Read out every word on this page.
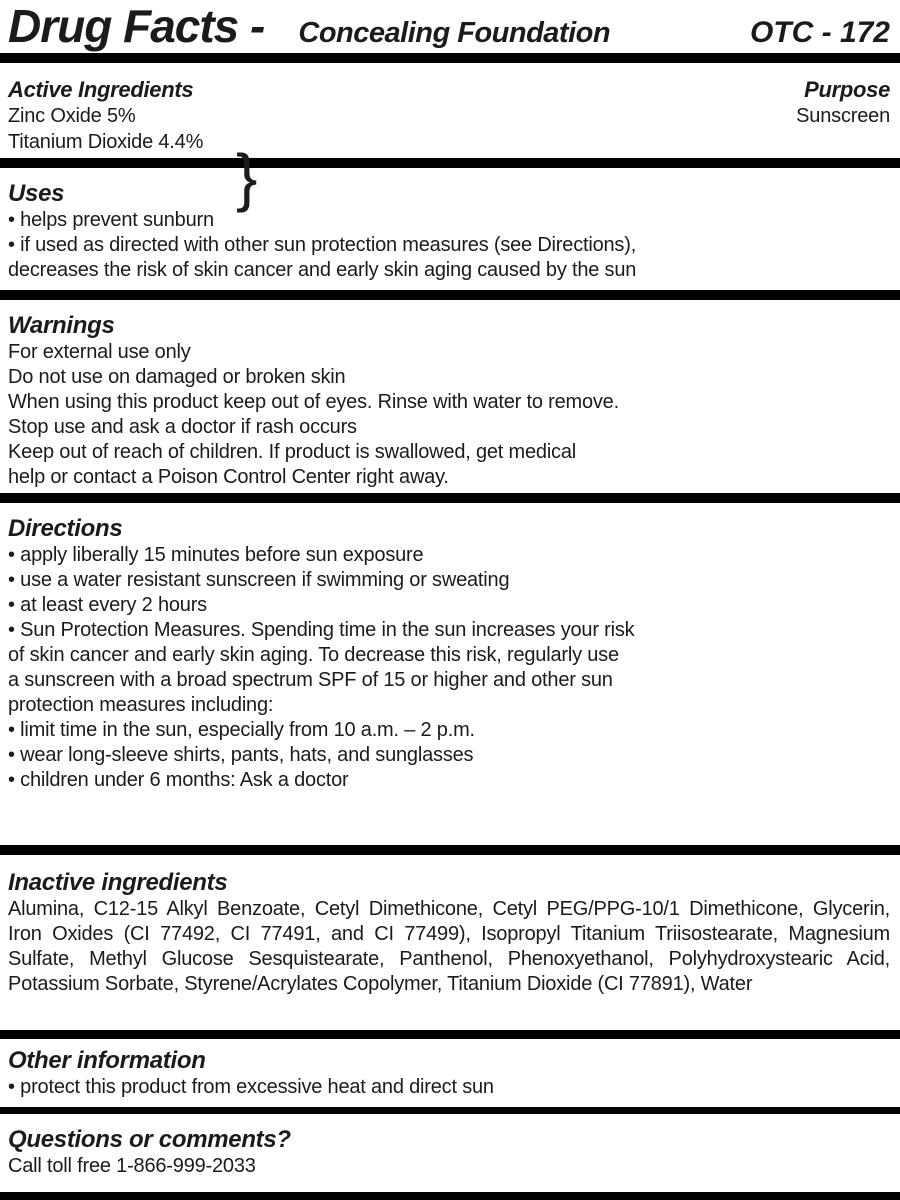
Drug Facts - Concealing Foundation	OTC - 172
Active Ingredients
Zinc Oxide 5%
Titanium Dioxide 4.4% }
Purpose
Sunscreen
Uses
• helps prevent sunburn
• if used as directed with other sun protection measures (see Directions),
decreases the risk of skin cancer and early skin aging caused by the sun
Warnings
For external use only
Do not use on damaged or broken skin
When using this product keep out of eyes. Rinse with water to remove.
Stop use and ask a doctor if rash occurs
Keep out of reach of children. If product is swallowed, get medical
help or contact a Poison Control Center right away.
Directions
• apply liberally 15 minutes before sun exposure
• use a water resistant sunscreen if swimming or sweating
• at least every 2 hours
• Sun Protection Measures. Spending time in the sun increases your risk
of skin cancer and early skin aging. To decrease this risk, regularly use
a sunscreen with a broad spectrum SPF of 15 or higher and other sun
protection measures including:
• limit time in the sun, especially from 10 a.m. – 2 p.m.
• wear long-sleeve shirts, pants, hats, and sunglasses
• children under 6 months: Ask a doctor
Inactive ingredients

Alumina, C12-15 Alkyl Benzoate, Cetyl Dimethicone, Cetyl PEG/PPG-10/1 Dimethicone, Glycerin, Iron Oxides (CI 77492, CI 77491, and CI 77499), Isopropyl Titanium Triisostearate, Magnesium Sulfate, Methyl Glucose Sesquistearate, Panthenol, Phenoxyethanol, Polyhydroxystearic Acid, Potassium Sorbate, Styrene/Acrylates Copolymer, Titanium Dioxide (CI 77891), Water

Other information
• protect this product from excessive heat and direct sun
Questions or comments?
Call toll free 1-866-999-2033
